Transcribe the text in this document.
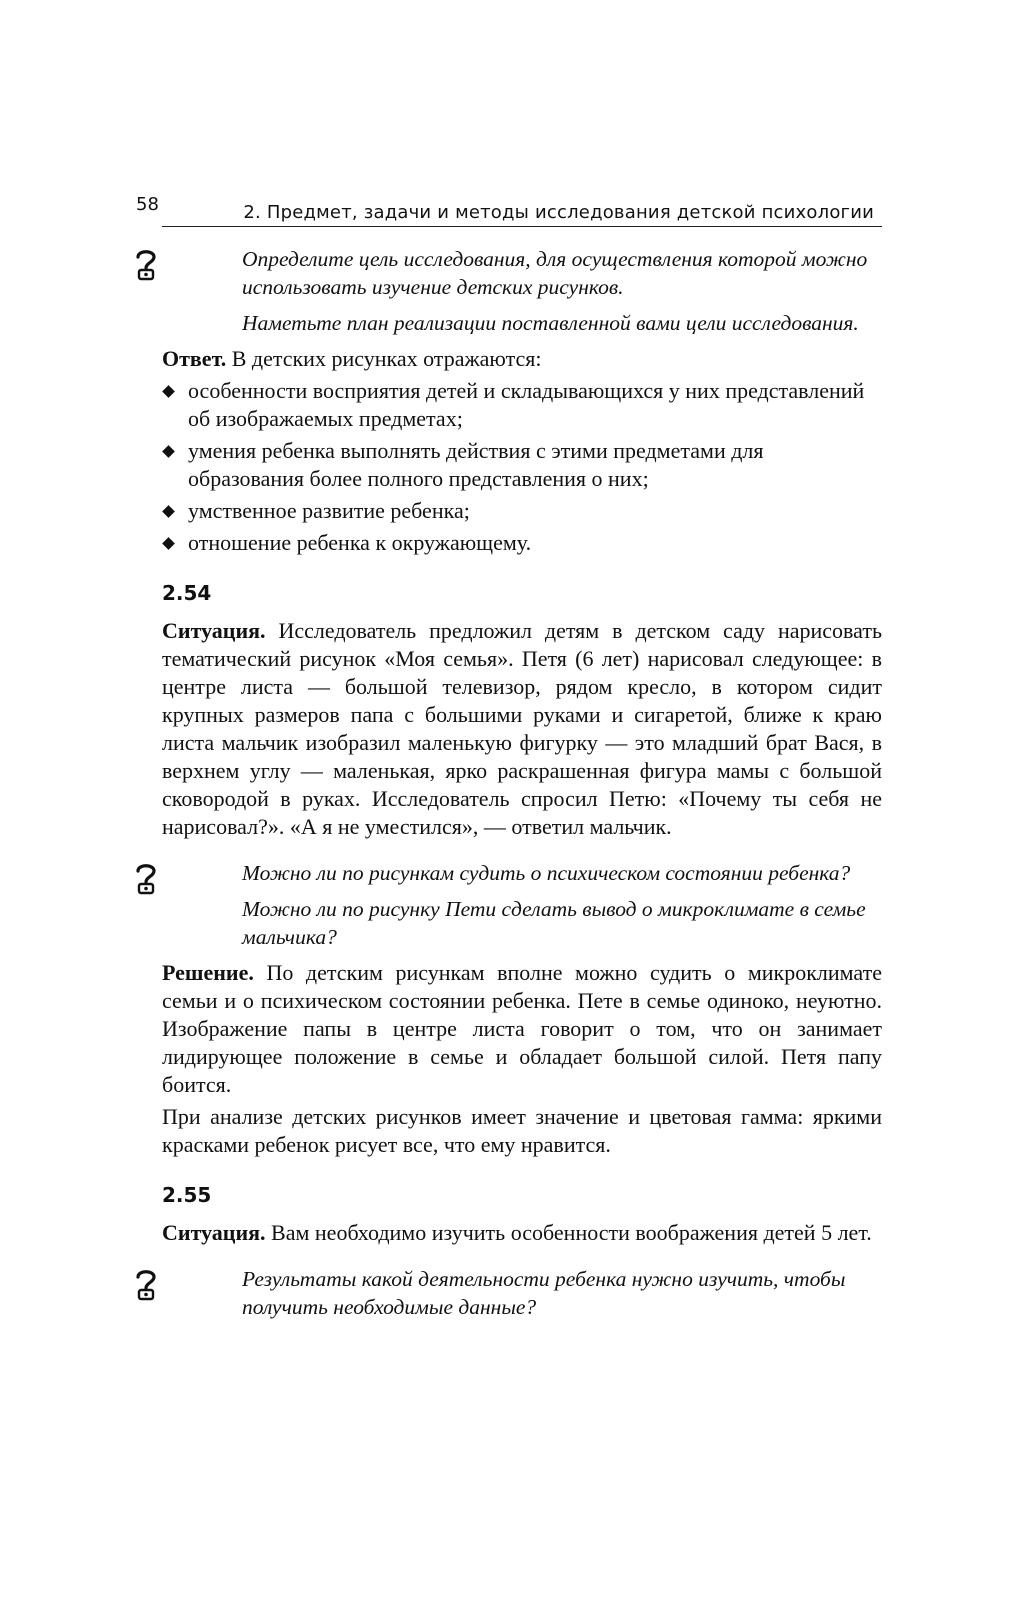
58	2. Предмет, задачи и методы исследования детской психологии

Определите цель исследования, для осуществления которой можно использовать изучение детских рисунков.

Наметьте план реализации поставленной вами цели исследования.

Ответ. В детских рисунках отражаются:

особенности восприятия детей и складывающихся у них представлений об изображаемых предметах;
умения ребенка выполнять действия с этими предметами для образования более полного представления о них;
умственное развитие ребенка;
отношение ребенка к окружающему.
2.54

Ситуация. Исследователь предложил детям в детском саду нарисовать тематический рисунок «Моя семья». Петя (6 лет) нарисовал следующее: в центре листа — большой телевизор, рядом кресло, в котором сидит крупных размеров папа с большими руками и сигаретой, ближе к краю листа мальчик изобразил маленькую фигурку — это младший брат Вася, в верхнем углу — маленькая, ярко раскрашенная фигура мамы с большой сковородой в руках. Исследователь спросил Петю: «Почему ты себя не нарисовал?». «А я не уместился», — ответил мальчик.

Можно ли по рисункам судить о психическом состоянии ребенка?

Можно ли по рисунку Пети сделать вывод о микроклимате в семье мальчика?

Решение. По детским рисункам вполне можно судить о микроклимате семьи и о психическом состоянии ребенка. Пете в семье одиноко, неуютно. Изображение папы в центре листа говорит о том, что он занимает лидирующее положение в семье и обладает большой силой. Петя папу боится.

При анализе детских рисунков имеет значение и цветовая гамма: яркими красками ребенок рисует все, что ему нравится.

2.55

Ситуация. Вам необходимо изучить особенности воображения детей 5 лет.

Результаты какой деятельности ребенка нужно изучить, чтобы получить необходимые данные?
